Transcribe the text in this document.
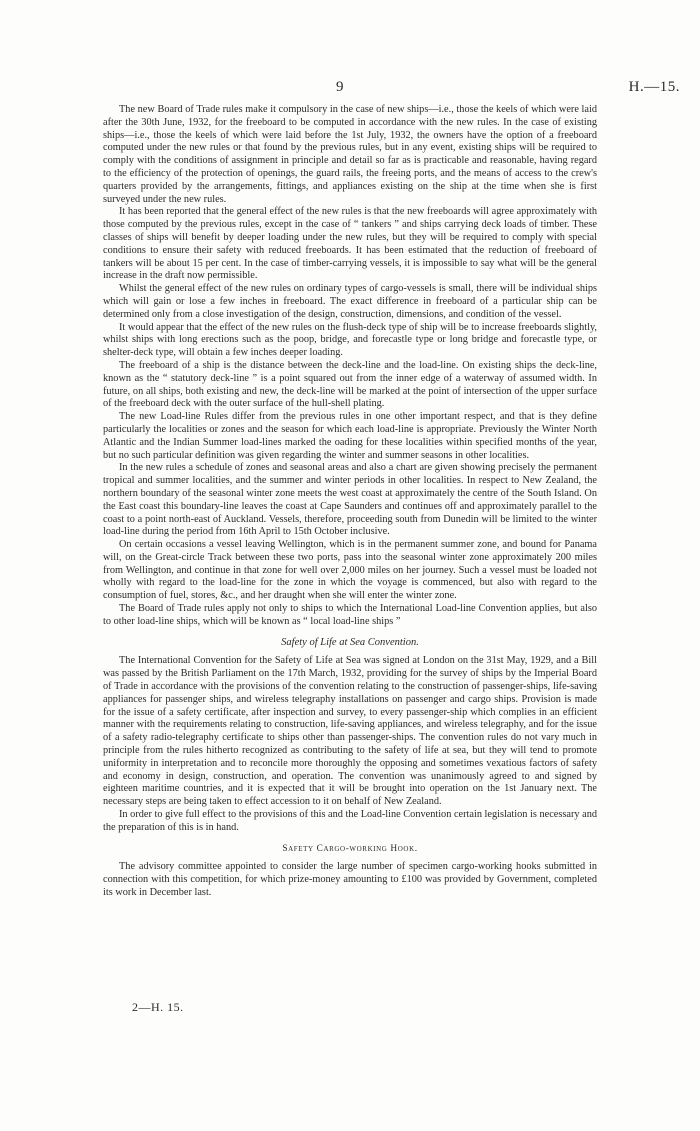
9	H.—15.

The new Board of Trade rules make it compulsory in the case of new ships—i.e., those the keels of which were laid after the 30th June, 1932, for the freeboard to be computed in accordance with the new rules. In the case of existing ships—i.e., those the keels of which were laid before the 1st July, 1932, the owners have the option of a freeboard computed under the new rules or that found by the previous rules, but in any event, existing ships will be required to comply with the conditions of assignment in principle and detail so far as is practicable and reasonable, having regard to the efficiency of the protection of openings, the guard rails, the freeing ports, and the means of access to the crew's quarters provided by the arrangements, fittings, and appliances existing on the ship at the time when she is first surveyed under the new rules.

It has been reported that the general effect of the new rules is that the new freeboards will agree approximately with those computed by the previous rules, except in the case of “ tankers ” and ships carrying deck loads of timber. These classes of ships will benefit by deeper loading under the new rules, but they will be required to comply with special conditions to ensure their safety with reduced freeboards. It has been estimated that the reduction of freeboard of tankers will be about 15 per cent. In the case of timber-carrying vessels, it is impossible to say what will be the general increase in the draft now permissible.

Whilst the general effect of the new rules on ordinary types of cargo-vessels is small, there will be individual ships which will gain or lose a few inches in freeboard. The exact difference in freeboard of a particular ship can be determined only from a close investigation of the design, construction, dimensions, and condition of the vessel.

It would appear that the effect of the new rules on the flush-deck type of ship will be to increase freeboards slightly, whilst ships with long erections such as the poop, bridge, and forecastle type or long bridge and forecastle type, or shelter-deck type, will obtain a few inches deeper loading.

The freeboard of a ship is the distance between the deck-line and the load-line. On existing ships the deck-line, known as the “ statutory deck-line ” is a point squared out from the inner edge of a waterway of assumed width. In future, on all ships, both existing and new, the deck-line will be marked at the point of intersection of the upper surface of the freeboard deck with the outer surface of the hull-shell plating.

The new Load-line Rules differ from the previous rules in one other important respect, and that is they define particularly the localities or zones and the season for which each load-line is appropriate. Previously the Winter North Atlantic and the Indian Summer load-lines marked the oading for these localities within specified months of the year, but no such particular definition was given regarding the winter and summer seasons in other localities.

In the new rules a schedule of zones and seasonal areas and also a chart are given showing precisely the permanent tropical and summer localities, and the summer and winter periods in other localities. In respect to New Zealand, the northern boundary of the seasonal winter zone meets the west coast at approximately the centre of the South Island. On the East coast this boundary-line leaves the coast at Cape Saunders and continues off and approximately parallel to the coast to a point north-east of Auckland. Vessels, therefore, proceeding south from Dunedin will be limited to the winter load-line during the period from 16th April to 15th October inclusive.

On certain occasions a vessel leaving Wellington, which is in the permanent summer zone, and bound for Panama will, on the Great-circle Track between these two ports, pass into the seasonal winter zone approximately 200 miles from Wellington, and continue in that zone for well over 2,000 miles on her journey. Such a vessel must be loaded not wholly with regard to the load-line for the zone in which the voyage is commenced, but also with regard to the consumption of fuel, stores, &c., and her draught when she will enter the winter zone.

The Board of Trade rules apply not only to ships to which the International Load-line Convention applies, but also to other load-line ships, which will be known as “ local load-line ships ”

Safety of Life at Sea Convention.

The International Convention for the Safety of Life at Sea was signed at London on the 31st May, 1929, and a Bill was passed by the British Parliament on the 17th March, 1932, providing for the survey of ships by the Imperial Board of Trade in accordance with the provisions of the convention relating to the construction of passenger-ships, life-saving appliances for passenger ships, and wireless telegraphy installations on passenger and cargo ships. Provision is made for the issue of a safety certificate, after inspection and survey, to every passenger-ship which complies in an efficient manner with the requirements relating to construction, life-saving appliances, and wireless telegraphy, and for the issue of a safety radio-telegraphy certificate to ships other than passenger-ships. The convention rules do not vary much in principle from the rules hitherto recognized as contributing to the safety of life at sea, but they will tend to promote uniformity in interpretation and to reconcile more thoroughly the opposing and sometimes vexatious factors of safety and economy in design, construction, and operation. The convention was unanimously agreed to and signed by eighteen maritime countries, and it is expected that it will be brought into operation on the 1st January next. The necessary steps are being taken to effect accession to it on behalf of New Zealand.

In order to give full effect to the provisions of this and the Load-line Convention certain legislation is necessary and the preparation of this is in hand.

Safety Cargo-working Hook.

The advisory committee appointed to consider the large number of specimen cargo-working hooks submitted in connection with this competition, for which prize-money amounting to £100 was provided by Government, completed its work in December last.

2—H. 15.
